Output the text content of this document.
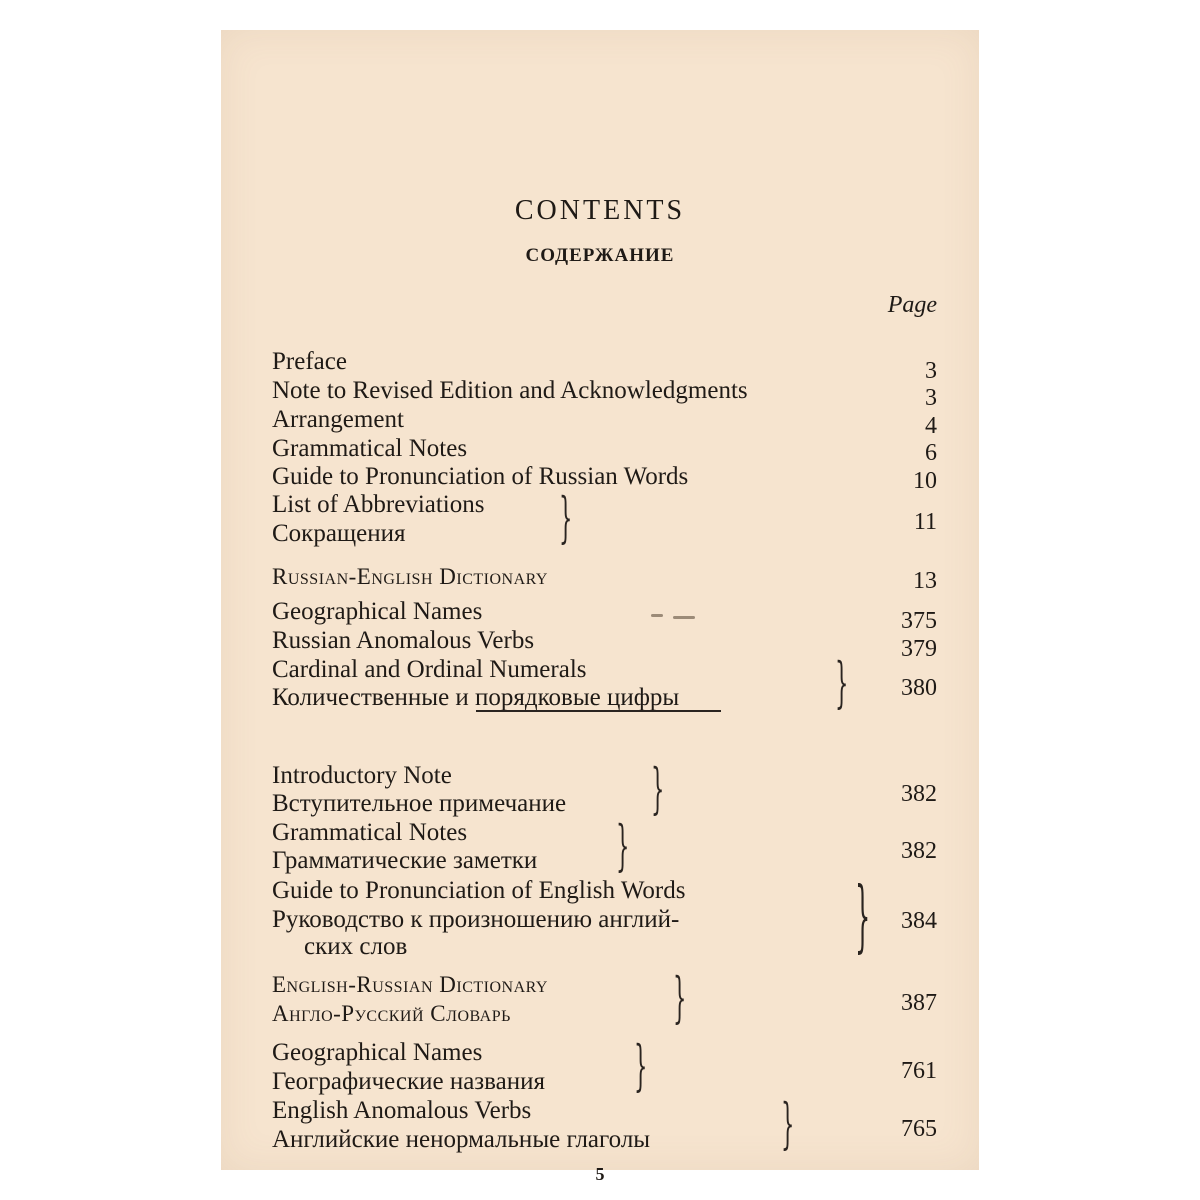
CONTENTS
СОДЕРЖАНИЕ
Page
Preface	3
Note to Revised Edition and Acknowledgments	3
Arrangement	4
Grammatical Notes	6
Guide to Pronunciation of Russian Words	10
List of Abbreviations
Сокращения	}	11
Russian-English Dictionary	13
Geographical Names	375
Russian Anomalous Verbs	379
Cardinal and Ordinal Numerals
Количественные и порядковые цифры	} 380
Introductory Note
Вступительное примечание	}	382
Grammatical Notes
Грамматические заметки	}	382
Guide to Pronunciation of English Words
Руководство к произношению англий-
ских слов	} 384
English-Russian Dictionary
Англо-Русский Словарь	}	387
Geographical Names
Географические названия	}	761
English Anomalous Verbs
Английские ненормальные глаголы	}	765
5
